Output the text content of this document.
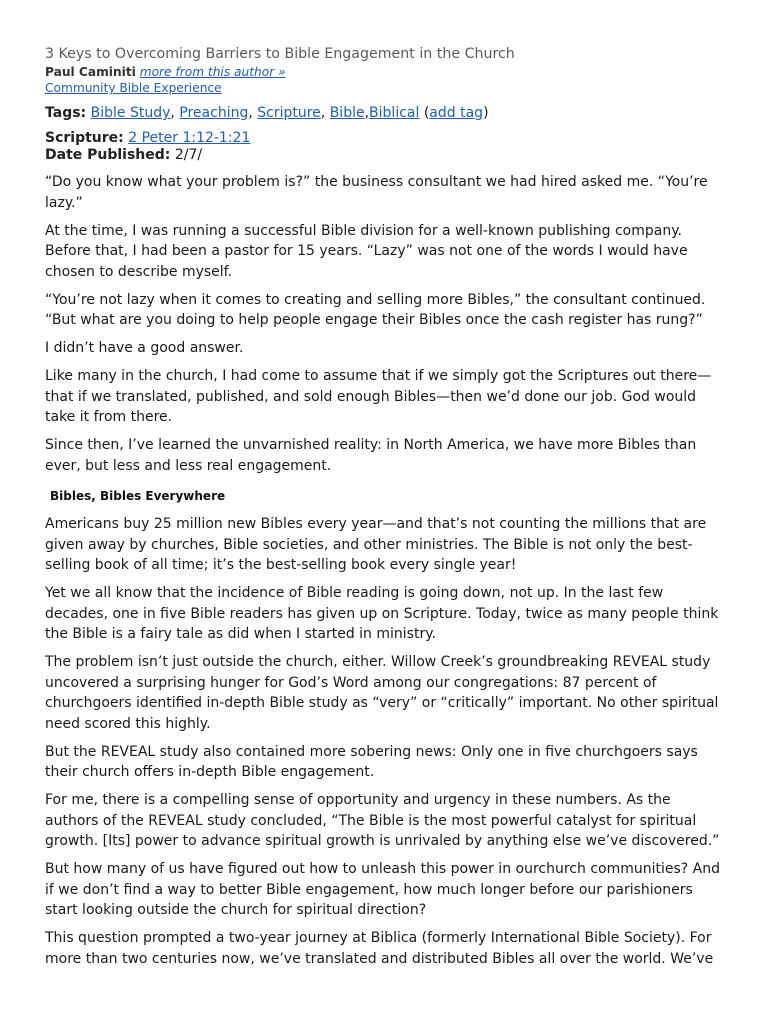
3 Keys to Overcoming Barriers to Bible Engagement in the Church
Paul Caminiti more from this author »
Community Bible Experience
Tags: Bible Study, Preaching, Scripture, Bible,Biblical (add tag)
Scripture: 2 Peter 1:12-1:21
Date Published: 2/7/

“Do you know what your problem is?” the business consultant we had hired asked me. “You’re lazy.”

At the time, I was running a successful Bible division for a well-known publishing company. Before that, I had been a pastor for 15 years. “Lazy” was not one of the words I would have chosen to describe myself.

“You’re not lazy when it comes to creating and selling more Bibles,” the consultant continued. “But what are you doing to help people engage their Bibles once the cash register has rung?”

I didn’t have a good answer.

Like many in the church, I had come to assume that if we simply got the Scriptures out there—that if we translated, published, and sold enough Bibles—then we’d done our job. God would take it from there.

Since then, I’ve learned the unvarnished reality: in North America, we have more Bibles than ever, but less and less real engagement.

Bibles, Bibles Everywhere

Americans buy 25 million new Bibles every year—and that’s not counting the millions that are given away by churches, Bible societies, and other ministries. The Bible is not only the best-selling book of all time; it’s the best-selling book every single year!

Yet we all know that the incidence of Bible reading is going down, not up. In the last few decades, one in five Bible readers has given up on Scripture. Today, twice as many people think the Bible is a fairy tale as did when I started in ministry.

The problem isn’t just outside the church, either. Willow Creek’s groundbreaking REVEAL study uncovered a surprising hunger for God’s Word among our congregations: 87 percent of churchgoers identified in-depth Bible study as “very” or “critically” important. No other spiritual need scored this highly.

But the REVEAL study also contained more sobering news: Only one in five churchgoers says their church offers in-depth Bible engagement.

For me, there is a compelling sense of opportunity and urgency in these numbers. As the authors of the REVEAL study concluded, “The Bible is the most powerful catalyst for spiritual growth. [Its] power to advance spiritual growth is unrivaled by anything else we’ve discovered.”

But how many of us have figured out how to unleash this power in ourchurch communities? And if we don’t find a way to better Bible engagement, how much longer before our parishioners start looking outside the church for spiritual direction?

This question prompted a two-year journey at Biblica (formerly International Bible Society). For more than two centuries now, we’ve translated and distributed Bibles all over the world. We’ve
